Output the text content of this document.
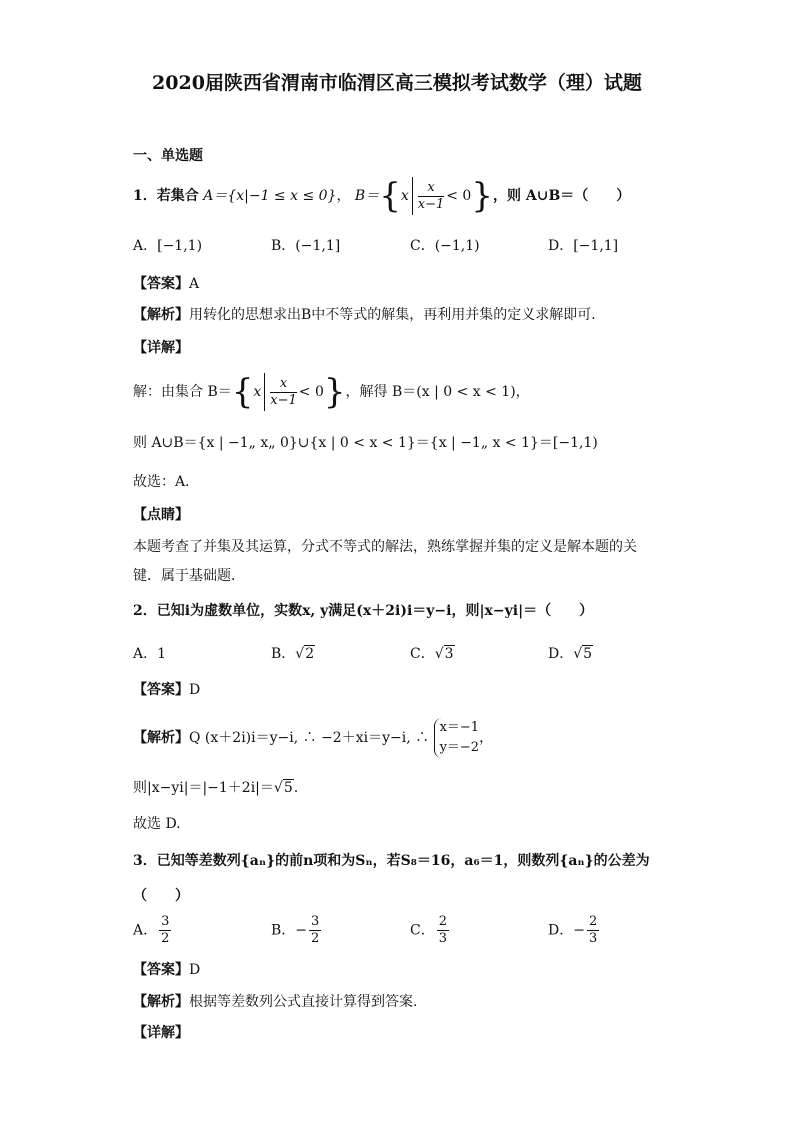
2020届陕西省渭南市临渭区高三模拟考试数学（理）试题
一、单选题
1．若集合 A＝{x|−1 ≤ x ≤ 0}， $B=\{x \frac{x}{x-1} < 0\}$，则 A∪B＝（　　）
A．[−1,1)	B．(−1,1]	C．(−1,1)	D．[−1,1]
【答案】A
【解析】用转化的思想求出B中不等式的解集，再利用并集的定义求解即可．
【详解】
解：由集合 $B=\{x \frac{x}{x-1} < 0\}$，解得 B＝(x | 0 < x < 1)，
则 A∪B＝{x | −1„ x„ 0}∪{x | 0 < x < 1}＝{x | −1„ x < 1}＝[−1,1)
故选：A．
【点睛】
本题考查了并集及其运算，分式不等式的解法，熟练掌握并集的定义是解本题的关
键．属于基础题．
2．已知i为虚数单位，实数x, y满足(x＋2i)i＝y−i，则|x−yi|＝（　　）
A．1	B．√2	C．√3	D．√5
【答案】D
【解析】Q (x＋2i)i＝y−i, ∴ −2＋xi＝y−i, ∴
x＝−1
y＝−2
，
则|x−yi|＝|−1＋2i|＝√5.
故选 D.
3．已知等差数列{aₙ}的前n项和为Sₙ，若S₈＝16，a₆＝1，则数列{aₙ}的公差为
（　　）
A． $\frac{3}{2}$	B．− $\frac{3}{2}$	C． $\frac{2}{3}$	D．− $\frac{2}{3}$
【答案】D
【解析】根据等差数列公式直接计算得到答案.
【详解】
